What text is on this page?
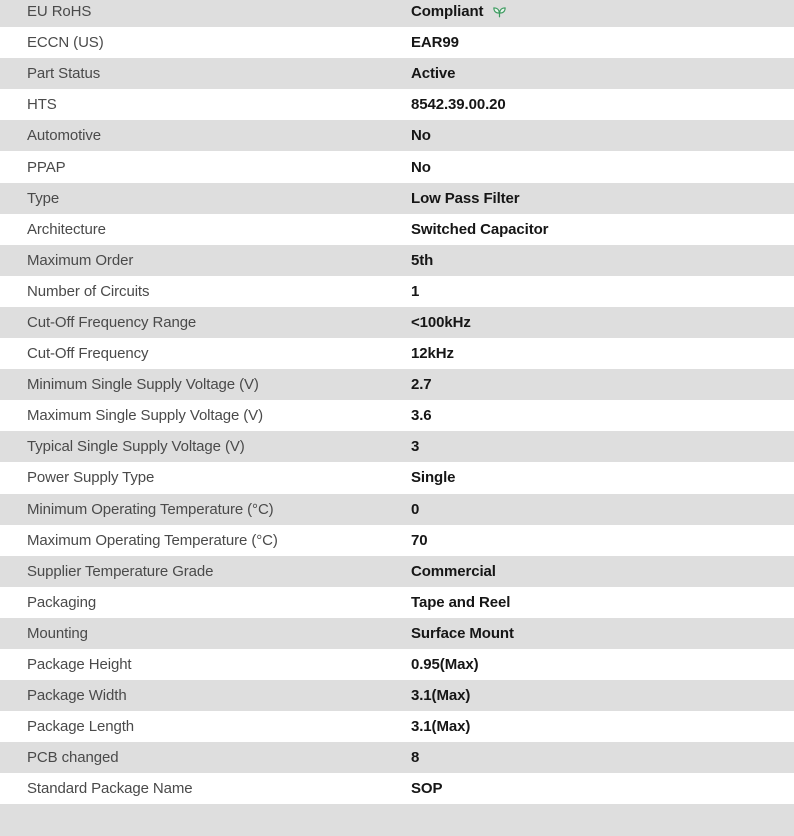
EU RoHS	Compliant
ECCN (US)	EAR99
Part Status	Active
HTS	8542.39.00.20
Automotive	No
PPAP	No
Type	Low Pass Filter
Architecture	Switched Capacitor
Maximum Order	5th
Number of Circuits	1
Cut-Off Frequency Range	<100kHz
Cut-Off Frequency	12kHz
Minimum Single Supply Voltage (V)	2.7
Maximum Single Supply Voltage (V)	3.6
Typical Single Supply Voltage (V)	3
Power Supply Type	Single
Minimum Operating Temperature (°C)	0
Maximum Operating Temperature (°C)	70
Supplier Temperature Grade	Commercial
Packaging	Tape and Reel
Mounting	Surface Mount
Package Height	0.95(Max)
Package Width	3.1(Max)
Package Length	3.1(Max)
PCB changed	8
Standard Package Name	SOP
